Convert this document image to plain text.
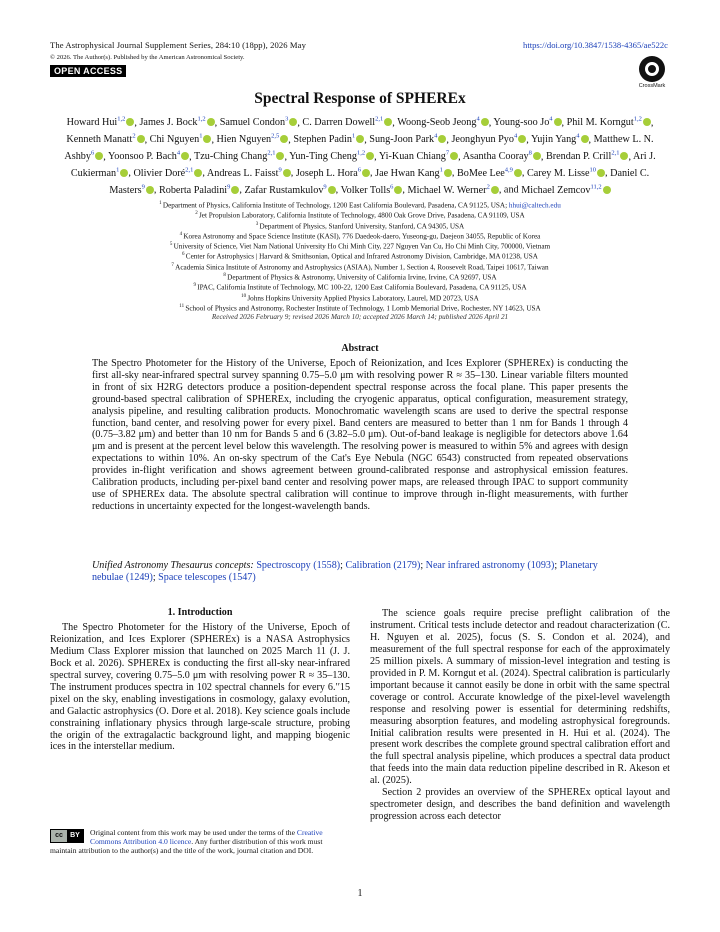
The Astrophysical Journal Supplement Series, 284:10 (18pp), 2026 May	https://doi.org/10.3847/1538-4365/ae522c
© 2026. The Author(s). Published by the American Astronomical Society.
OPEN ACCESS
CrossMark
Spectral Response of SPHEREx
Howard Hui$^{1,2}$ , James J. Bock$^{1,2}$ , Samuel Condon$^3$ , C. Darren Dowell$^{2,1}$ , Woong-Seob Jeong$^4$ , Young-soo Jo$^4$ , Phil M. Korngut$^{1,2}$ , Kenneth Manatt$^2$ , Chi Nguyen$^1$ , Hien Nguyen$^{2,5}$ , Stephen Padin$^1$ , Sung-Joon Park$^4$ , Jeonghyun Pyo$^4$ , Yujin Yang$^4$ , Matthew L. N. Ashby$^6$ , Yoonsoo P. Bach$^4$ , Tzu-Ching Chang$^{2,1}$ , Yun-Ting Cheng$^{1,2}$ , Yi-Kuan Chiang$^7$ , Asantha Cooray$^8$ , Brendan P. Crill$^{2,1}$ , Ari J. Cukierman$^1$ , Olivier Doré$^{2,1}$ , Andreas L. Faisst$^9$ , Joseph L. Hora$^6$ , Jae Hwan Kang$^1$ , BoMee Lee$^{4,9}$ , Carey M. Lisse$^{10}$ , Daniel C. Masters$^9$ , Roberta Paladini$^9$ , Zafar Rustamkulov$^9$ , Volker Tolls$^6$ , Michael W. Werner$^2$ , and Michael Zemcov$^{11,2}$
$^1$ Department of Physics, California Institute of Technology, 1200 East California Boulevard, Pasadena, CA 91125, USA; hhui@caltech.edu
$^2$ Jet Propulsion Laboratory, California Institute of Technology, 4800 Oak Grove Drive, Pasadena, CA 91109, USA
$^3$ Department of Physics, Stanford University, Stanford, CA 94305, USA
$^4$ Korea Astronomy and Space Science Institute (KASI), 776 Daedeok-daero, Yuseong-gu, Daejeon 34055, Republic of Korea
$^5$ University of Science, Viet Nam National University Ho Chi Minh City, 227 Nguyen Van Cu, Ho Chi Minh City, 700000, Vietnam
$^6$ Center for Astrophysics | Harvard & Smithsonian, Optical and Infrared Astronomy Division, Cambridge, MA 01238, USA
$^7$ Academia Sinica Institute of Astronomy and Astrophysics (ASIAA), Number 1, Section 4, Roosevelt Road, Taipei 10617, Taiwan
$^8$ Department of Physics & Astronomy, University of California Irvine, Irvine, CA 92697, USA
$^9$ IPAC, California Institute of Technology, MC 100-22, 1200 East California Boulevard, Pasadena, CA 91125, USA
$^{10}$ Johns Hopkins University Applied Physics Laboratory, Laurel, MD 20723, USA
$^{11}$ School of Physics and Astronomy, Rochester Institute of Technology, 1 Lomb Memorial Drive, Rochester, NY 14623, USA
Received 2026 February 9; revised 2026 March 10; accepted 2026 March 14; published 2026 April 21
Abstract
The Spectro Photometer for the History of the Universe, Epoch of Reionization, and Ices Explorer (SPHEREx) is conducting the first all-sky near-infrared spectral survey spanning 0.75–5.0 μm with resolving power R ≈ 35–130. Linear variable filters mounted in front of six H2RG detectors produce a position-dependent spectral response across the focal plane. This paper presents the ground-based spectral calibration of SPHEREx, including the cryogenic apparatus, optical configuration, measurement strategy, analysis pipeline, and resulting calibration products. Monochromatic wavelength scans are used to derive the spectral response function, band center, and resolving power for every pixel. Band centers are measured to better than 1 nm for Bands 1 through 4 (0.75–3.82 μm) and better than 10 nm for Bands 5 and 6 (3.82–5.0 μm). Out-of-band leakage is negligible for detectors above 1.64 μm and is present at the percent level below this wavelength. The resolving power is measured to within 5% and agrees with design expectations to within 10%. An on-sky spectrum of the Cat's Eye Nebula (NGC 6543) constructed from repeated observations provides in-flight verification and shows agreement between ground-calibrated response and astrophysical emission features. Calibration products, including per-pixel band center and resolving power maps, are released through IPAC to support community use of SPHEREx data. The absolute spectral calibration will continue to improve through in-flight measurements, with further reductions in uncertainty expected for the longest-wavelength bands.
Unified Astronomy Thesaurus concepts: Spectroscopy (1558); Calibration (2179); Near infrared astronomy (1093); Planetary nebulae (1249); Space telescopes (1547)
1. Introduction
The Spectro Photometer for the History of the Universe, Epoch of Reionization, and Ices Explorer (SPHEREx) is a NASA Astrophysics Medium Class Explorer mission that launched on 2025 March 11 (J. J. Bock et al. 2026). SPHEREx is conducting the first all-sky near-infrared spectral survey, covering 0.75–5.0 μm with resolving power R ≈ 35–130. The instrument produces spectra in 102 spectral channels for every 6.′′15 pixel on the sky, enabling investigations in cosmology, galaxy evolution, and Galactic astrophysics (O. Dore et al. 2018). Key science goals include constraining inflationary physics through large-scale structure, probing the origin of the extragalactic background light, and mapping biogenic ices in the interstellar medium.
cc	BY	Original content from this work may be used under the terms of the Creative Commons Attribution 4.0 licence. Any further distribution of this work must maintain attribution to the author(s) and the title of the work, journal citation and DOI.
The science goals require precise preflight calibration of the instrument. Critical tests include detector and readout characterization (C. H. Nguyen et al. 2025), focus (S. S. Condon et al. 2024), and measurement of the full spectral response for each of the approximately 25 million pixels. A summary of mission-level integration and testing is provided in P. M. Korngut et al. (2024). Spectral calibration is particularly important because it cannot easily be done in orbit with the same spectral coverage or control. Accurate knowledge of the pixel-level wavelength response and resolving power is essential for determining redshifts, measuring absorption features, and modeling astrophysical foregrounds. Initial calibration results were presented in H. Hui et al. (2024). The present work describes the complete ground spectral calibration effort and the full spectral analysis pipeline, which produces a spectral data product that feeds into the main data reduction pipeline described in R. Akeson et al. (2025).
Section 2 provides an overview of the SPHEREx optical layout and spectrometer design, and describes the band definition and wavelength progression across each detector
1
